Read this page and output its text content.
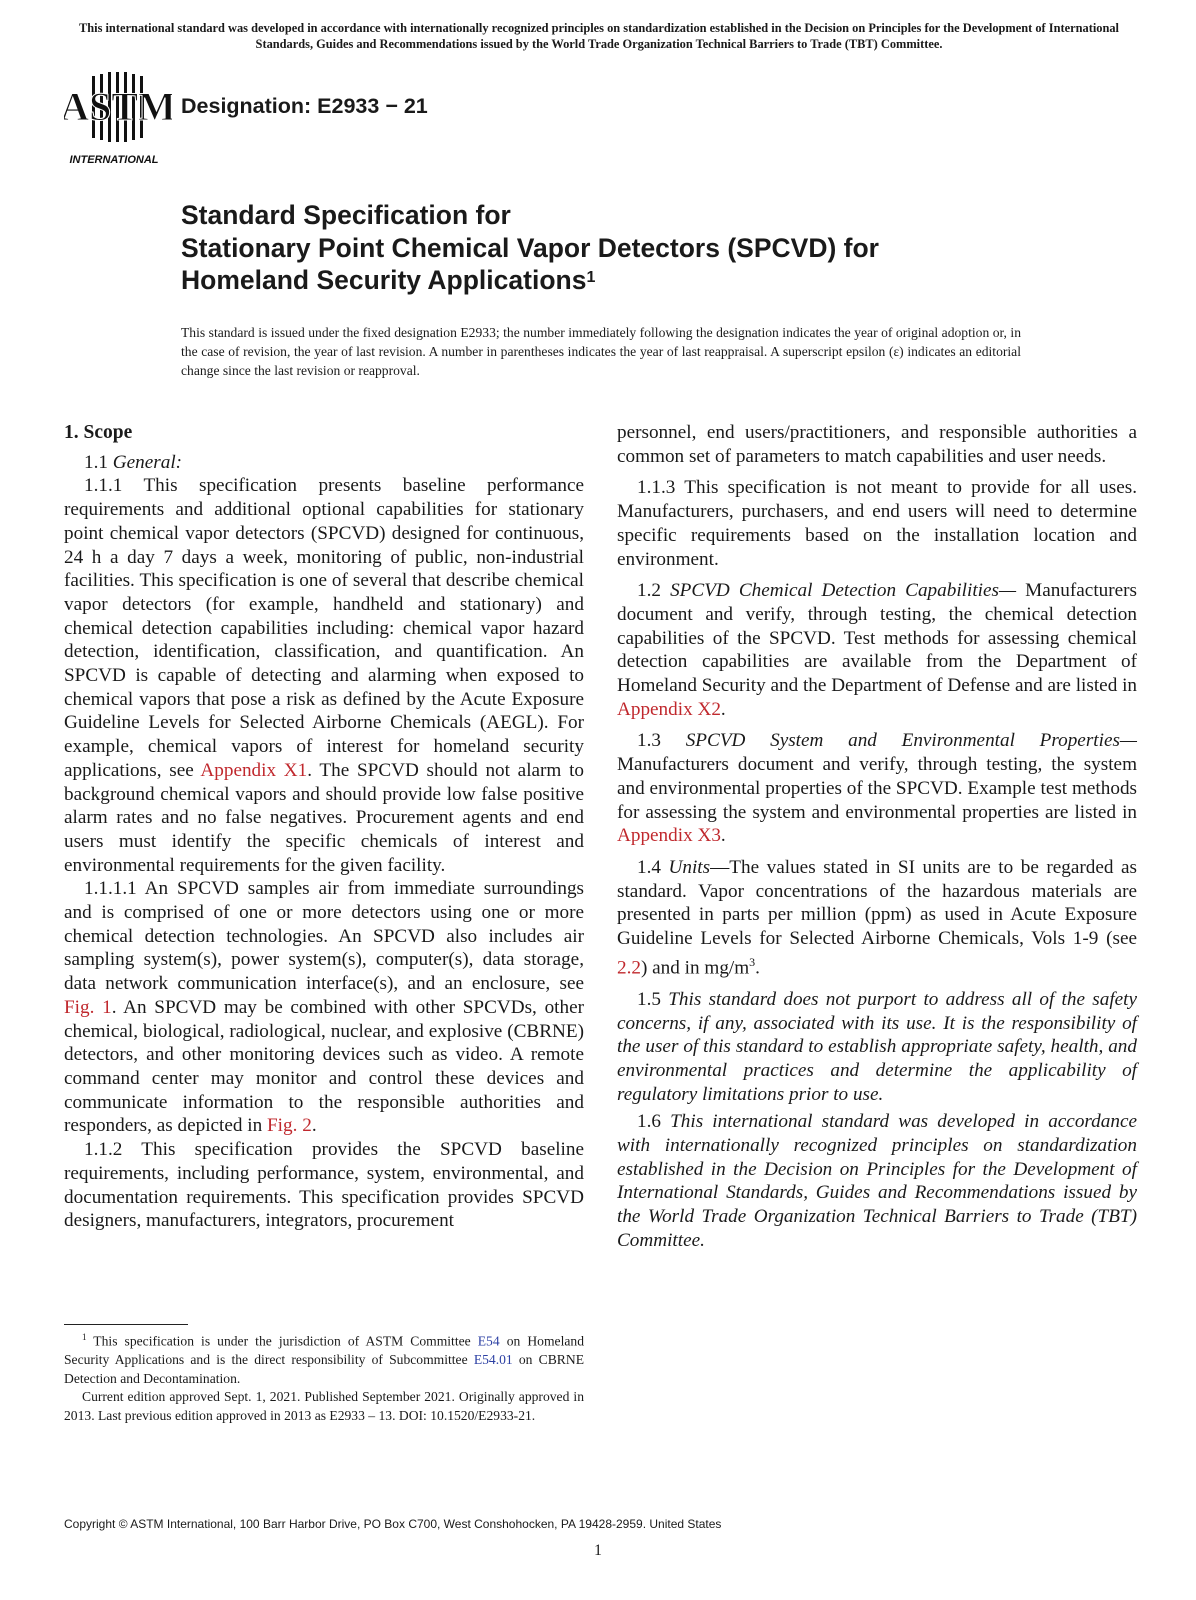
This international standard was developed in accordance with internationally recognized principles on standardization established in the Decision on Principles for the Development of International Standards, Guides and Recommendations issued by the World Trade Organization Technical Barriers to Trade (TBT) Committee.
ASTM
INTERNATIONAL
Designation: E2933 − 21
Standard Specification for
Stationary Point Chemical Vapor Detectors (SPCVD) for
Homeland Security Applications$^1$
This standard is issued under the fixed designation E2933; the number immediately following the designation indicates the year of original adoption or, in the case of revision, the year of last revision. A number in parentheses indicates the year of last reappraisal. A superscript epsilon (ε) indicates an editorial change since the last revision or reapproval.
1. Scope

1.1 General:

1.1.1 This specification presents baseline performance requirements and additional optional capabilities for stationary point chemical vapor detectors (SPCVD) designed for continuous, 24 h a day 7 days a week, monitoring of public, non-industrial facilities. This specification is one of several that describe chemical vapor detectors (for example, handheld and stationary) and chemical detection capabilities including: chemical vapor hazard detection, identification, classification, and quantification. An SPCVD is capable of detecting and alarming when exposed to chemical vapors that pose a risk as defined by the Acute Exposure Guideline Levels for Selected Airborne Chemicals (AEGL). For example, chemical vapors of interest for homeland security applications, see Appendix X1. The SPCVD should not alarm to background chemical vapors and should provide low false positive alarm rates and no false negatives. Procurement agents and end users must identify the specific chemicals of interest and environmental requirements for the given facility.

1.1.1.1 An SPCVD samples air from immediate surroundings and is comprised of one or more detectors using one or more chemical detection technologies. An SPCVD also includes air sampling system(s), power system(s), computer(s), data storage, data network communication interface(s), and an enclosure, see Fig. 1. An SPCVD may be combined with other SPCVDs, other chemical, biological, radiological, nuclear, and explosive (CBRNE) detectors, and other monitoring devices such as video. A remote command center may monitor and control these devices and communicate information to the responsible authorities and responders, as depicted in Fig. 2.

1.1.2 This specification provides the SPCVD baseline requirements, including performance, system, environmental, and documentation requirements. This specification provides SPCVD designers, manufacturers, integrators, procurement

personnel, end users/practitioners, and responsible authorities a common set of parameters to match capabilities and user needs.

1.1.3 This specification is not meant to provide for all uses. Manufacturers, purchasers, and end users will need to determine specific requirements based on the installation location and environment.

1.2 SPCVD Chemical Detection Capabilities— Manufacturers document and verify, through testing, the chemical detection capabilities of the SPCVD. Test methods for assessing chemical detection capabilities are available from the Department of Homeland Security and the Department of Defense and are listed in Appendix X2.

1.3 SPCVD System and Environmental Properties— Manufacturers document and verify, through testing, the system and environmental properties of the SPCVD. Example test methods for assessing the system and environmental properties are listed in Appendix X3.

1.4 Units—The values stated in SI units are to be regarded as standard. Vapor concentrations of the hazardous materials are presented in parts per million (ppm) as used in Acute Exposure Guideline Levels for Selected Airborne Chemicals, Vols 1-9 (see 2.2) and in $mg/m^3$.

1.5 This standard does not purport to address all of the safety concerns, if any, associated with its use. It is the responsibility of the user of this standard to establish appropriate safety, health, and environmental practices and determine the applicability of regulatory limitations prior to use.

1.6 This international standard was developed in accordance with internationally recognized principles on standardization established in the Decision on Principles for the Development of International Standards, Guides and Recommendations issued by the World Trade Organization Technical Barriers to Trade (TBT) Committee.

$^1$ This specification is under the jurisdiction of ASTM Committee E54 on Homeland Security Applications and is the direct responsibility of Subcommittee E54.01 on CBRNE Detection and Decontamination.

Current edition approved Sept. 1, 2021. Published September 2021. Originally approved in 2013. Last previous edition approved in 2013 as E2933 – 13. DOI: 10.1520/E2933-21.

Copyright © ASTM International, 100 Barr Harbor Drive, PO Box C700, West Conshohocken, PA 19428-2959. United States
1
